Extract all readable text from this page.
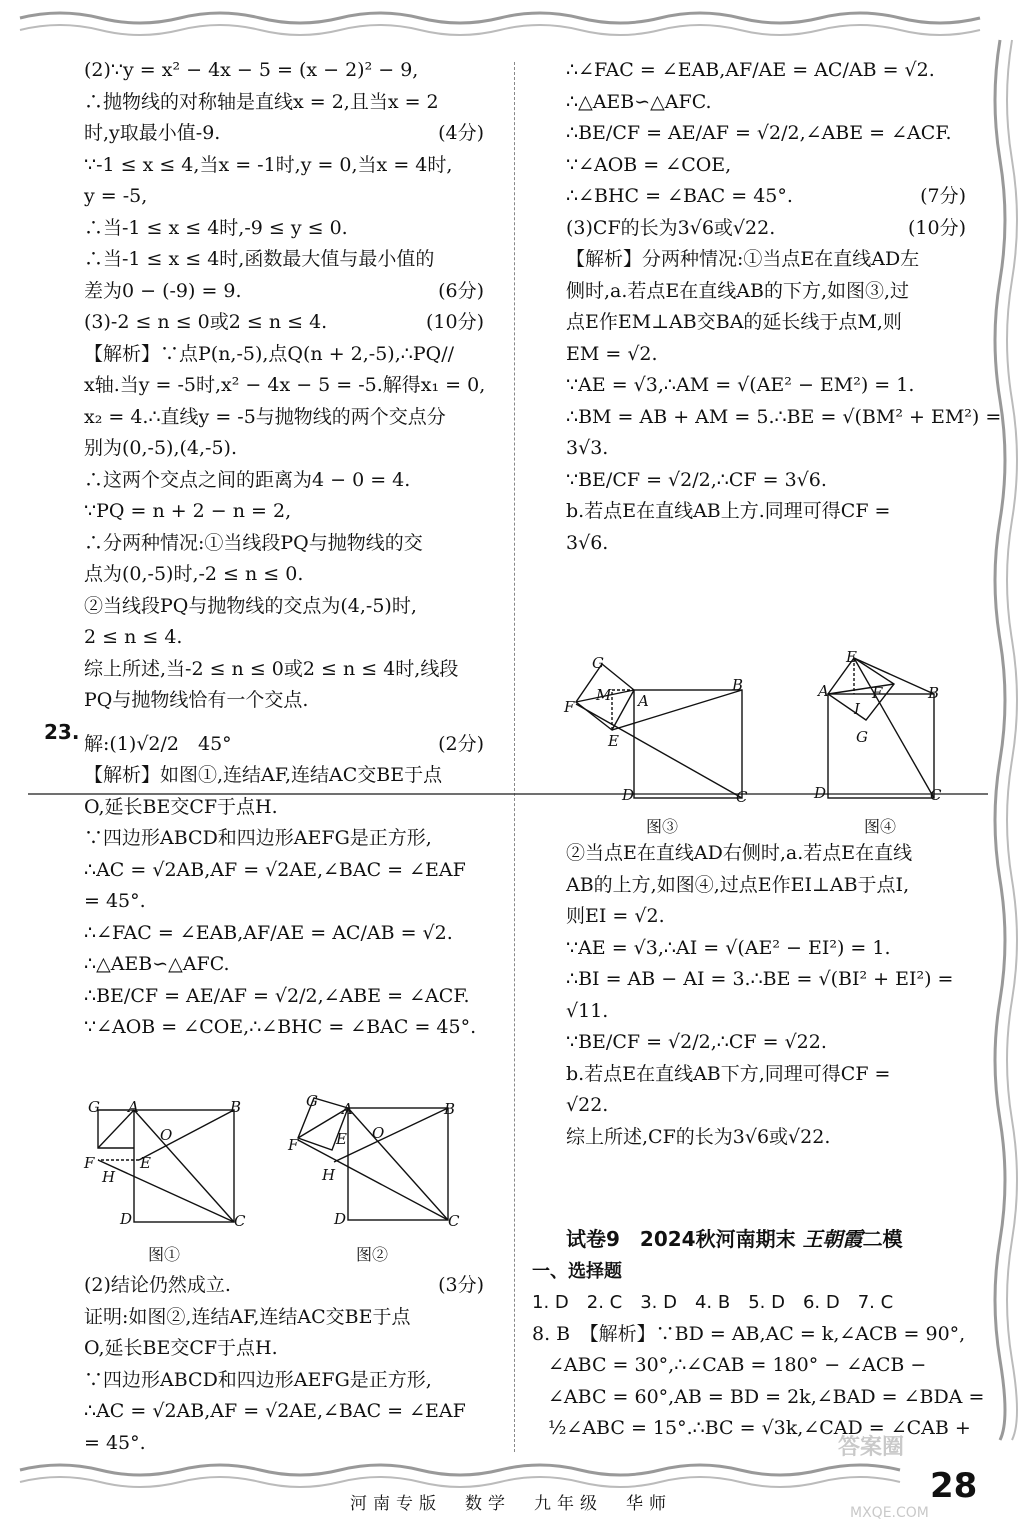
(2)∵y = x² − 4x − 5 = (x − 2)² − 9,
∴抛物线的对称轴是直线x = 2,且当x = 2
时,y取最小值-9.	(4分)
∵-1 ≤ x ≤ 4,当x = -1时,y = 0,当x = 4时,
y = -5,
∴当-1 ≤ x ≤ 4时,-9 ≤ y ≤ 0.
∴当-1 ≤ x ≤ 4时,函数最大值与最小值的
差为0 − (-9) = 9.	(6分)
(3)-2 ≤ n ≤ 0或2 ≤ n ≤ 4.	(10分)
【解析】∵点P(n,-5),点Q(n + 2,-5),∴PQ//
x轴.当y = -5时,x² − 4x − 5 = -5.解得x₁ = 0,
x₂ = 4.∴直线y = -5与抛物线的两个交点分
别为(0,-5),(4,-5).
∴这两个交点之间的距离为4 − 0 = 4.
∵PQ = n + 2 − n = 2,
∴分两种情况:①当线段PQ与抛物线的交
点为(0,-5)时,-2 ≤ n ≤ 0.
②当线段PQ与抛物线的交点为(4,-5)时,
2 ≤ n ≤ 4.
综上所述,当-2 ≤ n ≤ 0或2 ≤ n ≤ 4时,线段
PQ与抛物线恰有一个交点.
解:(1)√2/2　45°	(2分)
【解析】如图①,连结AF,连结AC交BE于点
O,延长BE交CF于点H.
∵四边形ABCD和四边形AEFG是正方形,
∴AC = √2AB,AF = √2AE,∠BAC = ∠EAF
= 45°.
∴∠FAC = ∠EAB,AF/AE = AC/AB = √2.
∴△AEB∽△AFC.
∴BE/CF = AE/AF = √2/2,∠ABE = ∠ACF.
∵∠AOB = ∠COE,∴∠BHC = ∠BAC = 45°.
23.
G A	B
O
F	E
H
D	C
图①
G A	B
O
F	E
H
D	C
图②
(2)结论仍然成立.	(3分)
证明:如图②,连结AF,连结AC交BE于点
O,延长BE交CF于点H.
∵四边形ABCD和四边形AEFG是正方形,
∴AC = √2AB,AF = √2AE,∠BAC = ∠EAF
= 45°.
∴∠FAC = ∠EAB,AF/AE = AC/AB = √2.
∴△AEB∽△AFC.
∴BE/CF = AE/AF = √2/2,∠ABE = ∠ACF.
∵∠AOB = ∠COE,
∴∠BHC = ∠BAC = 45°.	(7分)
(3)CF的长为3√6或√22.	(10分)
【解析】分两种情况:①当点E在直线AD左
侧时,a.若点E在直线AB的下方,如图③,过
点E作EM⊥AB交BA的延长线于点M,则
EM = √2.
∵AE = √3,∴AM = √(AE² − EM²) = 1.
∴BM = AB + AM = 5.∴BE = √(BM² + EM²) =
3√3.
∵BE/CF = √2/2,∴CF = 3√6.
b.若点E在直线AB上方.同理可得CF =
3√6.
G
M A
B
F
E
D	C
图③
E
A	F
I
B
G
D	C
图④
②当点E在直线AD右侧时,a.若点E在直线
AB的上方,如图④,过点E作EI⊥AB于点I,
则EI = √2.
∵AE = √3,∴AI = √(AE² − EI²) = 1.
∴BI = AB − AI = 3.∴BE = √(BI² + EI²) =
√11.
∵BE/CF = √2/2,∴CF = √22.
b.若点E在直线AB下方,同理可得CF =
√22.
综上所述,CF的长为3√6或√22.
试卷9　2024秋河南期末 王朝霞二模
一、选择题
1. D　2. C　3. D　4. B　5. D　6. D　7. C
8. B　【解析】∵BD = AB,AC = k,∠ACB = 90°,
∠ABC = 30°,∴∠CAB = 180° − ∠ACB −
∠ABC = 60°,AB = BD = 2k,∠BAD = ∠BDA =
½∠ABC = 15°.∴BC = √3k,∠CAD = ∠CAB +
答案圈
MXQE.COM
河南专版　数学　九年级　华师	28
